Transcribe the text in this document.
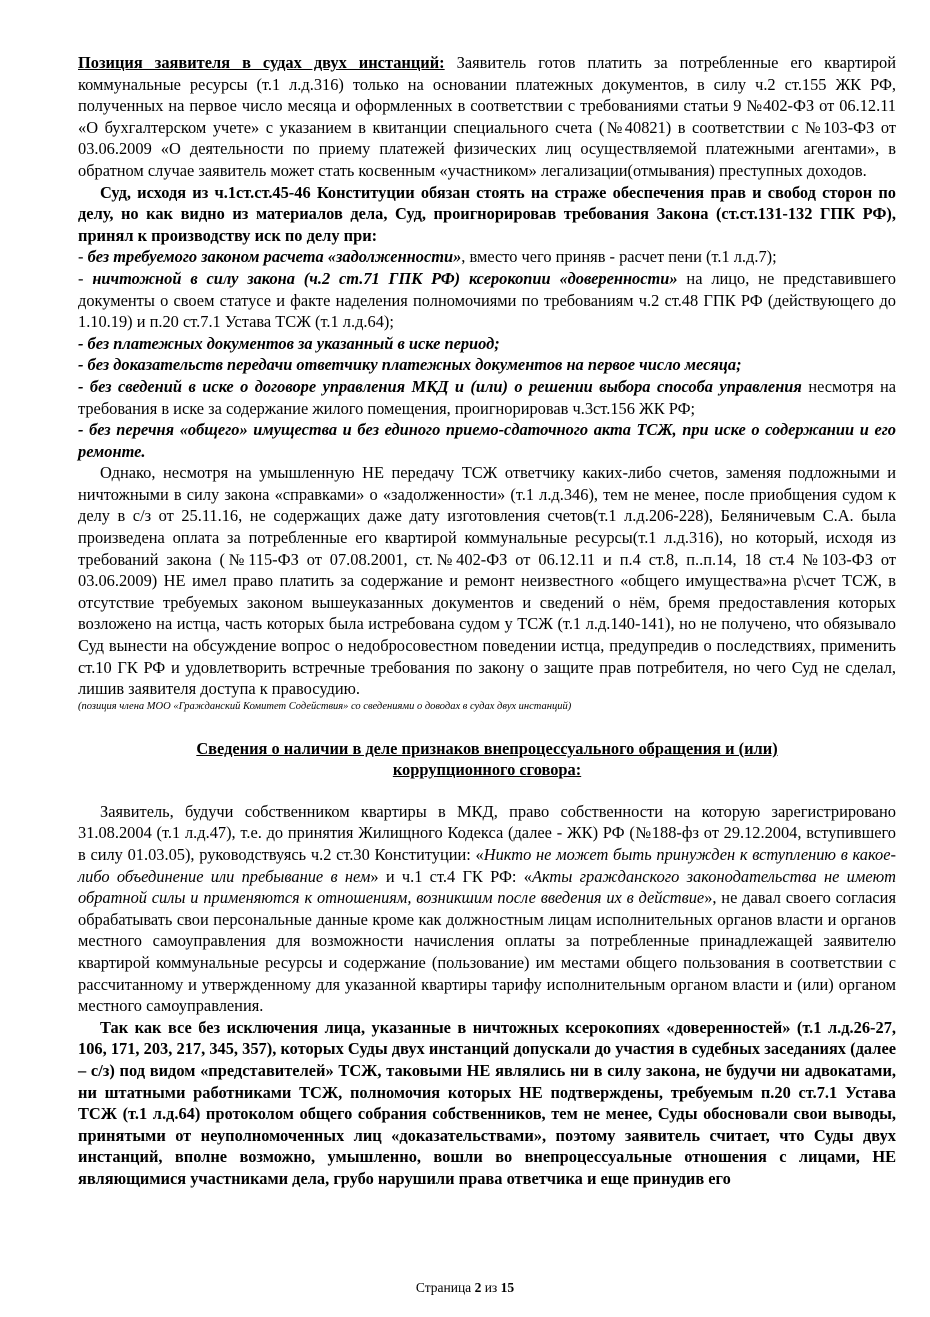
Позиция заявителя в судах двух инстанций: Заявитель готов платить за потребленные его квартирой коммунальные ресурсы (т.1 л.д.316) только на основании платежных документов, в силу ч.2 ст.155 ЖК РФ, полученных на первое число месяца и оформленных в соответствии с требованиями статьи 9 №402-ФЗ от 06.12.11 «О бухгалтерском учете» с указанием в квитанции специального счета (№40821) в соответствии с №103-ФЗ от 03.06.2009 «О деятельности по приему платежей физических лиц осуществляемой платежными агентами», в обратном случае заявитель может стать косвенным «участником» легализации(отмывания) преступных доходов.

Суд, исходя из ч.1ст.ст.45-46 Конституции обязан стоять на страже обеспечения прав и свобод сторон по делу, но как видно из материалов дела, Суд, проигнорировав требования Закона (ст.ст.131-132 ГПК РФ), принял к производству иск по делу при:

- без требуемого законом расчета «задолженности», вместо чего приняв - расчет пени (т.1 л.д.7);

- ничтожной в силу закона (ч.2 ст.71 ГПК РФ) ксерокопии «доверенности» на лицо, не представившего документы о своем статусе и факте наделения полномочиями по требованиям ч.2 ст.48 ГПК РФ (действующего до 1.10.19) и п.20 ст.7.1 Устава ТСЖ (т.1 л.д.64);

- без платежных документов за указанный в иске период;

- без доказательств передачи ответчику платежных документов на первое число месяца;

- без сведений в иске о договоре управления МКД и (или) о решении выбора способа управления несмотря на требования в иске за содержание жилого помещения, проигнорировав ч.3ст.156 ЖК РФ;

- без перечня «общего» имущества и без единого приемо-сдаточного акта ТСЖ, при иске о содержании и его ремонте.

Однако, несмотря на умышленную НЕ передачу ТСЖ ответчику каких-либо счетов, заменяя подложными и ничтожными в силу закона «справками» о «задолженности» (т.1 л.д.346), тем не менее, после приобщения судом к делу в с/з от 25.11.16, не содержащих даже дату изготовления счетов(т.1 л.д.206-228), Беляничевым С.А. была произведена оплата за потребленные его квартирой коммунальные ресурсы(т.1 л.д.316), но который, исходя из требований закона (№115-ФЗ от 07.08.2001, ст.№402-ФЗ от 06.12.11 и п.4 ст.8, п..п.14, 18 ст.4 №103-ФЗ от 03.06.2009) НЕ имел право платить за содержание и ремонт неизвестного «общего имущества»на р\счет ТСЖ, в отсутствие требуемых законом вышеуказанных документов и сведений о нём, бремя предоставления которых возложено на истца, часть которых была истребована судом у ТСЖ (т.1 л.д.140-141), но не получено, что обязывало Суд вынести на обсуждение вопрос о недобросовестном поведении истца, предупредив о последствиях, применить ст.10 ГК РФ и удовлетворить встречные требования по закону о защите прав потребителя, но чего Суд не сделал, лишив заявителя доступа к правосудию.

(позиция члена МОО «Гражданский Комитет Содействия» со сведениями о доводах в судах двух инстанций)

Сведения о наличии в деле признаков внепроцессуального обращения и (или)
коррупционного сговора:

Заявитель, будучи собственником квартиры в МКД, право собственности на которую зарегистрировано 31.08.2004 (т.1 л.д.47), т.е. до принятия Жилищного Кодекса (далее - ЖК) РФ (№188-фз от 29.12.2004, вступившего в силу 01.03.05), руководствуясь ч.2 ст.30 Конституции: «Никто не может быть принужден к вступлению в какое-либо объединение или пребывание в нем» и ч.1 ст.4 ГК РФ: «Акты гражданского законодательства не имеют обратной силы и применяются к отношениям, возникшим после введения их в действие», не давал своего согласия обрабатывать свои персональные данные кроме как должностным лицам исполнительных органов власти и органов местного самоуправления для возможности начисления оплаты за потребленные принадлежащей заявителю квартирой коммунальные ресурсы и содержание (пользование) им местами общего пользования в соответствии с рассчитанному и утвержденному для указанной квартиры тарифу исполнительным органом власти и (или) органом местного самоуправления.

Так как все без исключения лица, указанные в ничтожных ксерокопиях «доверенностей» (т.1 л.д.26-27, 106, 171, 203, 217, 345, 357), которых Суды двух инстанций допускали до участия в судебных заседаниях (далее – с/з) под видом «представителей» ТСЖ, таковыми НЕ являлись ни в силу закона, не будучи ни адвокатами, ни штатными работниками ТСЖ, полномочия которых НЕ подтверждены, требуемым п.20 ст.7.1 Устава ТСЖ (т.1 л.д.64) протоколом общего собрания собственников, тем не менее, Суды обосновали свои выводы, принятыми от неуполномоченных лиц «доказательствами», поэтому заявитель считает, что Суды двух инстанций, вполне возможно, умышленно, вошли во внепроцессуальные отношения с лицами, НЕ являющимися участниками дела, грубо нарушили права ответчика и еще принудив его

Страница 2 из 15
